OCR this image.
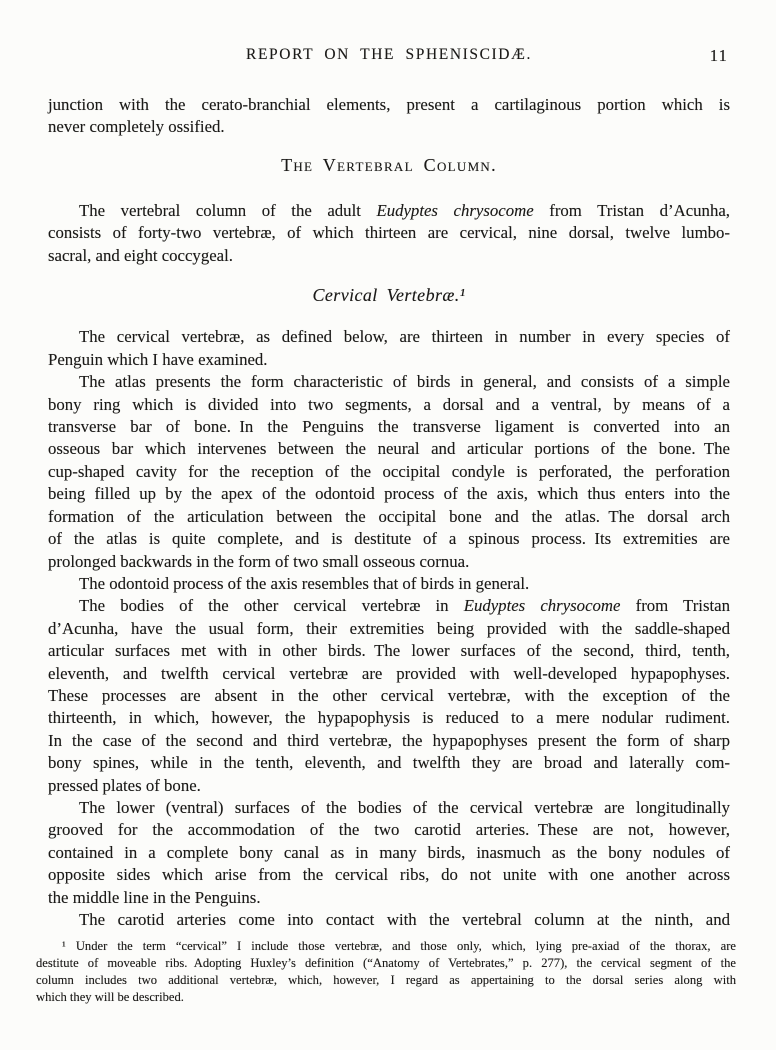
REPORT ON THE SPHENISCIDÆ.	11
junction with the cerato-branchial elements, present a cartilaginous portion which is
never completely ossified.
The Vertebral Column.
The vertebral column of the adult Eudyptes chrysocome from Tristan d’Acunha,
consists of forty-two vertebræ, of which thirteen are cervical, nine dorsal, twelve lumbo-
sacral, and eight coccygeal.
Cervical Vertebræ.¹
The cervical vertebræ, as defined below, are thirteen in number in every species of
Penguin which I have examined.
The atlas presents the form characteristic of birds in general, and consists of a simple
bony ring which is divided into two segments, a dorsal and a ventral, by means of a
transverse bar of bone. In the Penguins the transverse ligament is converted into an
osseous bar which intervenes between the neural and articular portions of the bone. The
cup-shaped cavity for the reception of the occipital condyle is perforated, the perforation
being filled up by the apex of the odontoid process of the axis, which thus enters into the
formation of the articulation between the occipital bone and the atlas. The dorsal arch
of the atlas is quite complete, and is destitute of a spinous process. Its extremities are
prolonged backwards in the form of two small osseous cornua.
The odontoid process of the axis resembles that of birds in general.
The bodies of the other cervical vertebræ in Eudyptes chrysocome from Tristan
d’Acunha, have the usual form, their extremities being provided with the saddle-shaped
articular surfaces met with in other birds. The lower surfaces of the second, third, tenth,
eleventh, and twelfth cervical vertebræ are provided with well-developed hypapophyses.
These processes are absent in the other cervical vertebræ, with the exception of the
thirteenth, in which, however, the hypapophysis is reduced to a mere nodular rudiment.
In the case of the second and third vertebræ, the hypapophyses present the form of sharp
bony spines, while in the tenth, eleventh, and twelfth they are broad and laterally com-
pressed plates of bone.
The lower (ventral) surfaces of the bodies of the cervical vertebræ are longitudinally
grooved for the accommodation of the two carotid arteries. These are not, however,
contained in a complete bony canal as in many birds, inasmuch as the bony nodules of
opposite sides which arise from the cervical ribs, do not unite with one another across
the middle line in the Penguins.
The carotid arteries come into contact with the vertebral column at the ninth, and
¹ Under the term “cervical” I include those vertebræ, and those only, which, lying pre-axiad of the thorax, are
destitute of moveable ribs. Adopting Huxley’s definition (“Anatomy of Vertebrates,” p. 277), the cervical segment of the
column includes two additional vertebræ, which, however, I regard as appertaining to the dorsal series along with
which they will be described.
